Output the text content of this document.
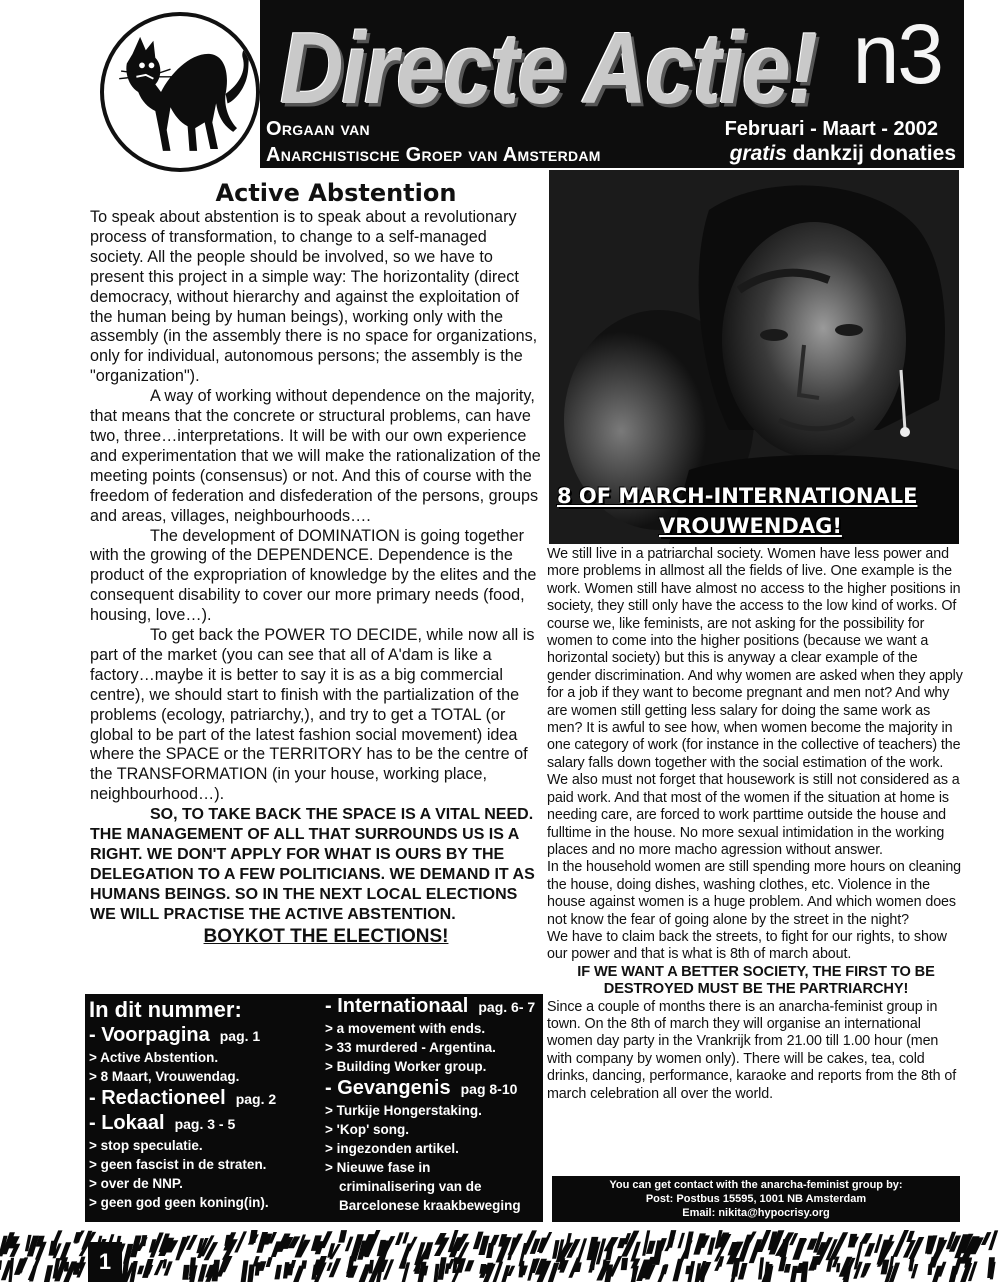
Directe Actie! n3
Orgaan van
Anarchistische Groep van Amsterdam
Februari - Maart - 2002
gratis dankzij donaties
Active Abstention

To speak about abstention is to speak about a revolutionary process of transformation, to change to a self-managed society. All the people should be involved, so we have to present this project in a simple way: The horizontality (direct democracy, without hierarchy and against the exploitation of the human being by human beings), working only with the assembly (in the assembly there is no space for organizations, only for individual, autonomous persons; the assembly is the "organization").

A way of working without dependence on the majority, that means that the concrete or structural problems, can have two, three…interpretations. It will be with our own experience and experimentation that we will make the rationalization of the meeting points (consensus) or not. And this of course with the freedom of federation and disfederation of the persons, groups and areas, villages, neighbourhoods….

The development of DOMINATION is going together with the growing of the DEPENDENCE. Dependence is the product of the expropriation of knowledge by the elites and the consequent disability to cover our more primary needs (food, housing, love…).

To get back the POWER TO DECIDE, while now all is part of the market (you can see that all of A'dam is like a factory…maybe it is better to say it is as a big commercial centre), we should start to finish with the partialization of the problems (ecology, patriarchy,), and try to get a TOTAL (or global to be part of the latest fashion social movement) idea where the SPACE or the TERRITORY has to be the centre of the TRANSFORMATION (in your house, working place, neighbourhood…).

SO, TO TAKE BACK THE SPACE IS A VITAL NEED. THE MANAGEMENT OF ALL THAT SURROUNDS US IS A RIGHT. WE DON'T APPLY FOR WHAT IS OURS BY THE DELEGATION TO A FEW POLITICIANS. WE DEMAND IT AS HUMANS BEINGS. SO IN THE NEXT LOCAL ELECTIONS WE WILL PRACTISE THE ACTIVE ABSTENTION.

BOYKOT THE ELECTIONS!

In dit nummer:
- Voorpagina pag. 1
> Active Abstention.
> 8 Maart, Vrouwendag.
- Redactioneel pag. 2
- Lokaal pag. 3 - 5
> stop speculatie.
> geen fascist in de straten.
> over de NNP.
> geen god geen koning(in).
- Internationaal pag. 6- 7
> a movement with ends.
> 33 murdered - Argentina.
> Building Worker group.
- Gevangenis pag 8-10
> Turkije Hongerstaking.
> 'Kop' song.
> ingezonden artikel.
> Nieuwe fase in
criminalisering van de
Barcelonese kraakbeweging
8 OF MARCH-INTERNATIONALE
VROUWENDAG!

We still live in a patriarchal society. Women have less power and more problems in allmost all the fields of live. One example is the work. Women still have almost no access to the higher positions in society, they still only have the access to the low kind of works. Of course we, like feminists, are not asking for the possibility for women to come into the higher positions (because we want a horizontal society) but this is anyway a clear example of the gender discrimination. And why women are asked when they apply for a job if they want to become pregnant and men not? And why are women still getting less salary for doing the same work as men? It is awful to see how, when women become the majority in one category of work (for instance in the collective of teachers) the salary falls down together with the social estimation of the work. We also must not forget that housework is still not considered as a paid work. And that most of the women if the situation at home is needing care, are forced to work parttime outside the house and fulltime in the house. No more sexual intimidation in the working places and no more macho agression without answer.

In the household women are still spending more hours on cleaning the house, doing dishes, washing clothes, etc. Violence in the house against women is a huge problem. And which women does not know the fear of going alone by the street in the night?

We have to claim back the streets, to fight for our rights, to show our power and that is what is 8th of march about.

IF WE WANT A BETTER SOCIETY, THE FIRST TO BE DESTROYED MUST BE THE PARTRIARCHY!

Since a couple of months there is an anarcha-feminist group in town. On the 8th of march they will organise an international women day party in the Vrankrijk from 21.00 till 1.00 hour (men with company by women only). There will be cakes, tea, cold drinks, dancing, performance, karaoke and reports from the 8th of march celebration all over the world.

You can get contact with the anarcha-feminist group by:
Post: Postbus 15595, 1001 NB Amsterdam
Email: nikita@hypocrisy.org
1
